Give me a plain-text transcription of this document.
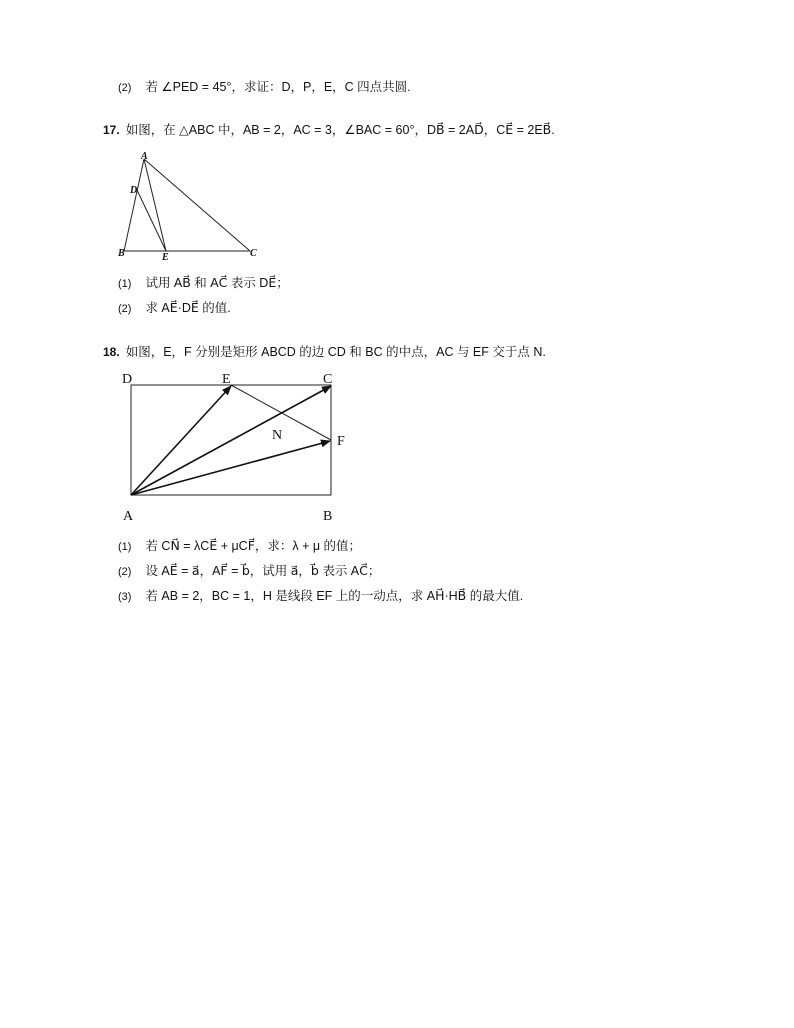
(2) 若 ∠PED = 45°，求证：D，P，E，C 四点共圆.
17. 如图，在 △ABC 中，AB = 2，AC = 3，∠BAC = 60°，DB⃗ = 2AD⃗，CE⃗ = 2EB⃗.
A
D
B	E	C
(1) 试用 AB⃗ 和 AC⃗ 表示 DE⃗；
(2) 求 AE⃗·DE⃗ 的值.
18. 如图，E，F 分别是矩形 ABCD 的边 CD 和 BC 的中点，AC 与 EF 交于点 N.
D	E	C
N	F
A	B
(1) 若 CN⃗ = λCE⃗ + μCF⃗，求：λ + μ 的值；
(2) 设 AE⃗ = a⃗，AF⃗ = b⃗，试用 a⃗，b⃗ 表示 AC⃗；
(3) 若 AB = 2，BC = 1，H 是线段 EF 上的一动点，求 AH⃗·HB⃗ 的最大值.
